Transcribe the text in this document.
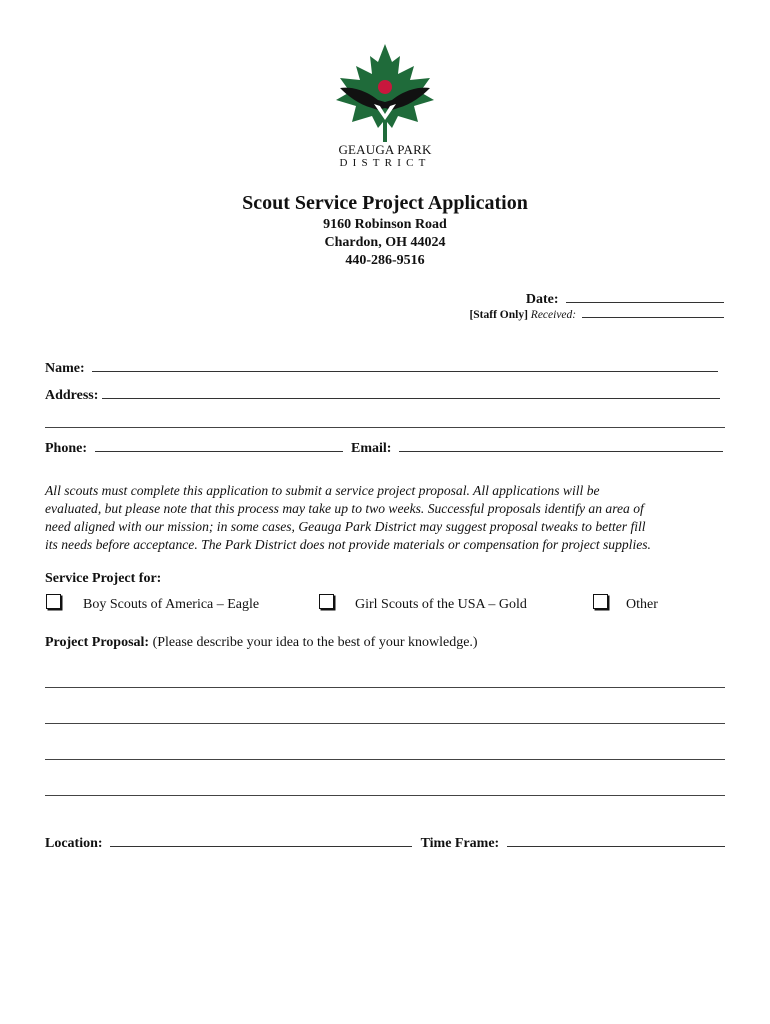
GEAUGA PARK
DISTRICT
Scout Service Project Application
9160 Robinson Road
Chardon, OH 44024
440-286-9516
Date:
[Staff Only] Received:
Name:
Address:
Phone:	Email:
All scouts must complete this application to submit a service project proposal. All applications will be
evaluated, but please note that this process may take up to two weeks. Successful proposals identify an area of
need aligned with our mission; in some cases, Geauga Park District may suggest proposal tweaks to better fill
its needs before acceptance. The Park District does not provide materials or compensation for project supplies.
Service Project for:
Boy Scouts of America – Eagle	Girl Scouts of the USA – Gold	Other
Project Proposal: (Please describe your idea to the best of your knowledge.)
Location:	Time Frame:
